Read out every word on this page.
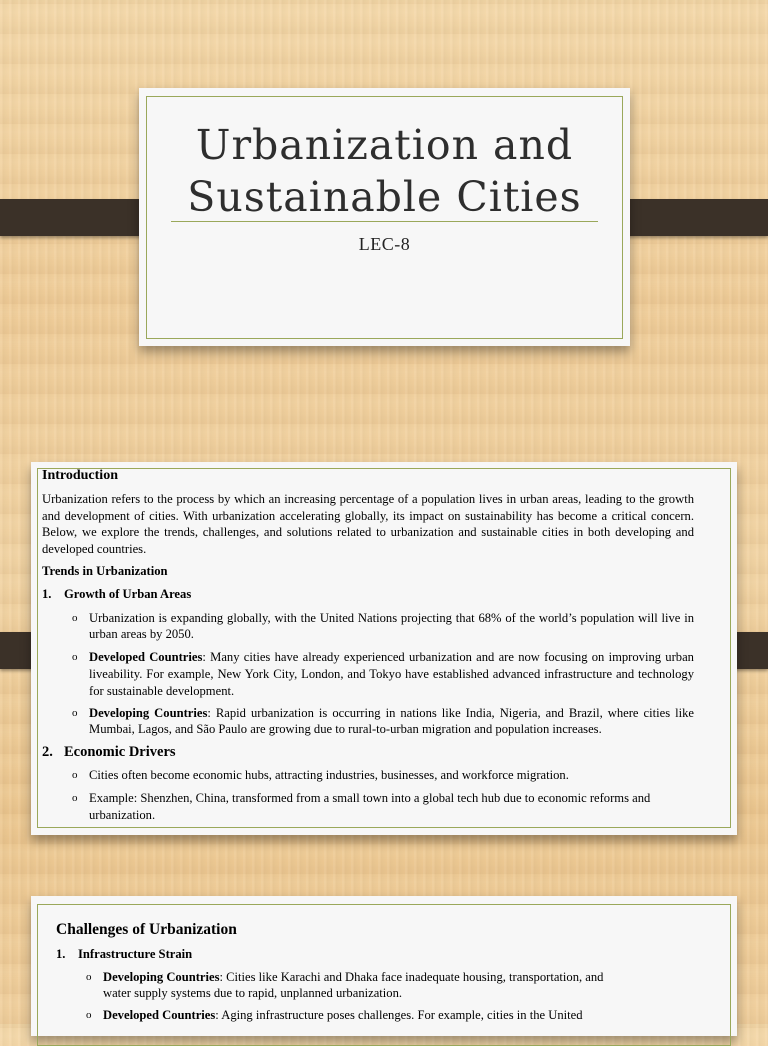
Urbanization and
Sustainable Cities
LEC-8

Introduction

Urbanization refers to the process by which an increasing percentage of a population lives in urban areas, leading to the growth and development of cities. With urbanization accelerating globally, its impact on sustainability has become a critical concern. Below, we explore the trends, challenges, and solutions related to urbanization and sustainable cities in both developing and developed countries.

Trends in Urbanization

1. Growth of Urban Areas
o Urbanization is expanding globally, with the United Nations projecting that 68% of the world’s population will live in urban areas by 2050.
o Developed Countries: Many cities have already experienced urbanization and are now focusing on improving urban liveability. For example, New York City, London, and Tokyo have established advanced infrastructure and technology for sustainable development.
o Developing Countries: Rapid urbanization is occurring in nations like India, Nigeria, and Brazil, where cities like Mumbai, Lagos, and São Paulo are growing due to rural-to-urban migration and population increases.
2. Economic Drivers
o Cities often become economic hubs, attracting industries, businesses, and workforce migration.
o Example: Shenzhen, China, transformed from a small town into a global tech hub due to economic reforms and urbanization.

Challenges of Urbanization

1. Infrastructure Strain
o Developing Countries: Cities like Karachi and Dhaka face inadequate housing, transportation, and water supply systems due to rapid, unplanned urbanization.
o Developed Countries: Aging infrastructure poses challenges. For example, cities in the United
